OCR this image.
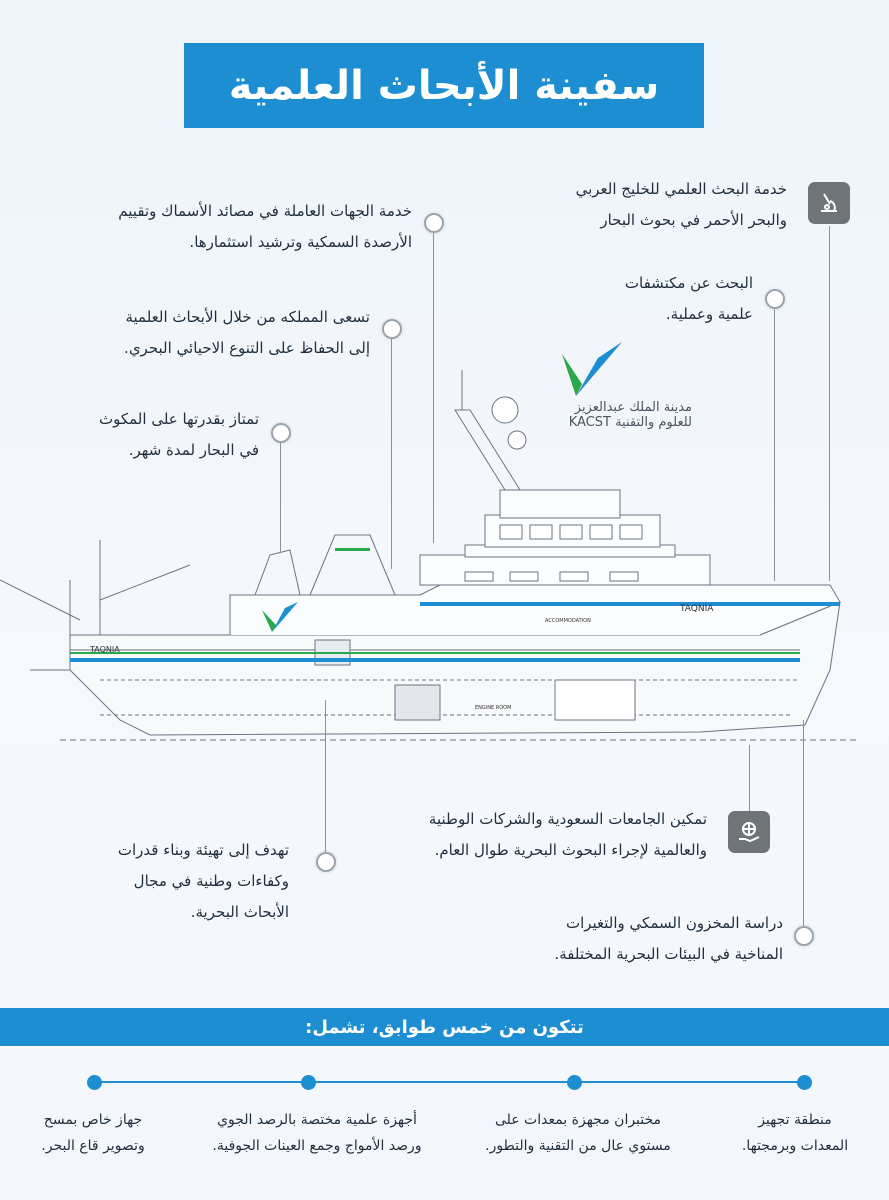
سفينة الأبحاث العلمية
TAQNIA
TAQNIA
ENGINE ROOM
ACCOMMODATION
مدينة الملك عبدالعزيز
للعلوم والتقنية KACST
خدمة البحث العلمي للخليج العربي
والبحر الأحمر في بحوث البحار
البحث عن مكتشفات
علمية وعملية.
خدمة الجهات العاملة في مصائد الأسماك وتقييم
الأرصدة السمكية وترشيد استثمارها.
تسعى المملكه من خلال الأبحاث العلمية
إلى الحفاظ على التنوع الاحيائي البحري.
تمتاز بقدرتها على المكوث
في البحار لمدة شهر.
تمكين الجامعات السعودية والشركات الوطنية
والعالمية لإجراء البحوث البحرية طوال العام.
دراسة المخزون السمكي والتغيرات
المناخية في البيئات البحرية المختلفة.
تهدف إلى تهيئة وبناء قدرات
وكفاءات وطنية في مجال
الأبحاث البحرية.
تتكون من خمس طوابق، تشمل:
منطقة تجهيز
المعدات وبرمجتها.
مختبران مجهزة بمعدات على
مستوي عال من التقنية والتطور.
أجهزة علمية مختصة بالرصد الجوي
ورصد الأمواج وجمع العينات الجوفية.
جهاز خاص بمسح
وتصوير قاع البحر.
